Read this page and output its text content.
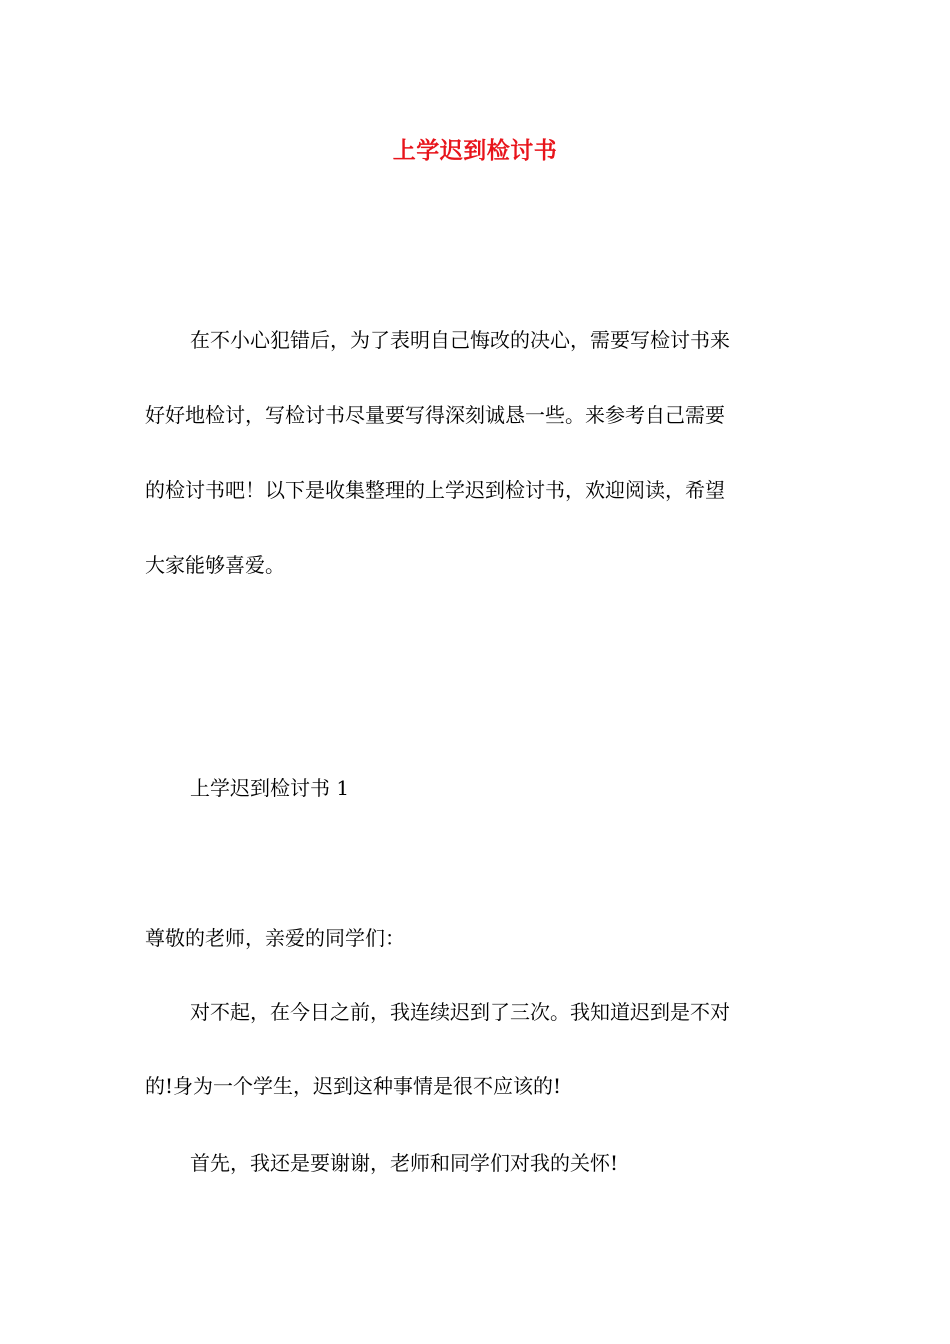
上学迟到检讨书
在不小心犯错后，为了表明自己悔改的决心，需要写检讨书来
好好地检讨，写检讨书尽量要写得深刻诚恳一些。来参考自己需要
的检讨书吧！以下是收集整理的上学迟到检讨书，欢迎阅读，希望
大家能够喜爱。
上学迟到检讨书 1
尊敬的老师，亲爱的同学们：
对不起，在今日之前，我连续迟到了三次。我知道迟到是不对
的!身为一个学生，迟到这种事情是很不应该的!
首先，我还是要谢谢，老师和同学们对我的关怀!
